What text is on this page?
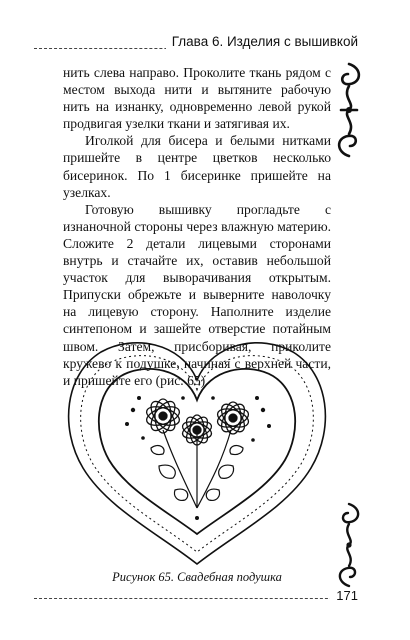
Глава 6. Изделия с вышивкой

нить слева направо. Проколите ткань рядом с местом выхода нити и вытяните рабочую нить на изнанку, одновременно левой рукой продвигая узелки ткани и затягивая их.

Иголкой для бисера и белыми нитками пришейте в центре цветков несколько бисеринок. По 1 бисеринке пришейте на узелках.

Готовую вышивку прогладьте с изнаночной стороны через влажную материю. Сложите 2 детали лицевыми сторонами внутрь и стачайте их, оставив небольшой участок для выворачивания открытым. Припуски обрежьте и выверните наволочку на лицевую сторону. Наполните изделие синтепоном и зашейте отверстие потайным швом. Затем, присборивая, приколите кружево к подушке, начиная с верхней части, и пришейте его (рис. 65).

Рисунок 65. Свадебная подушка
171
